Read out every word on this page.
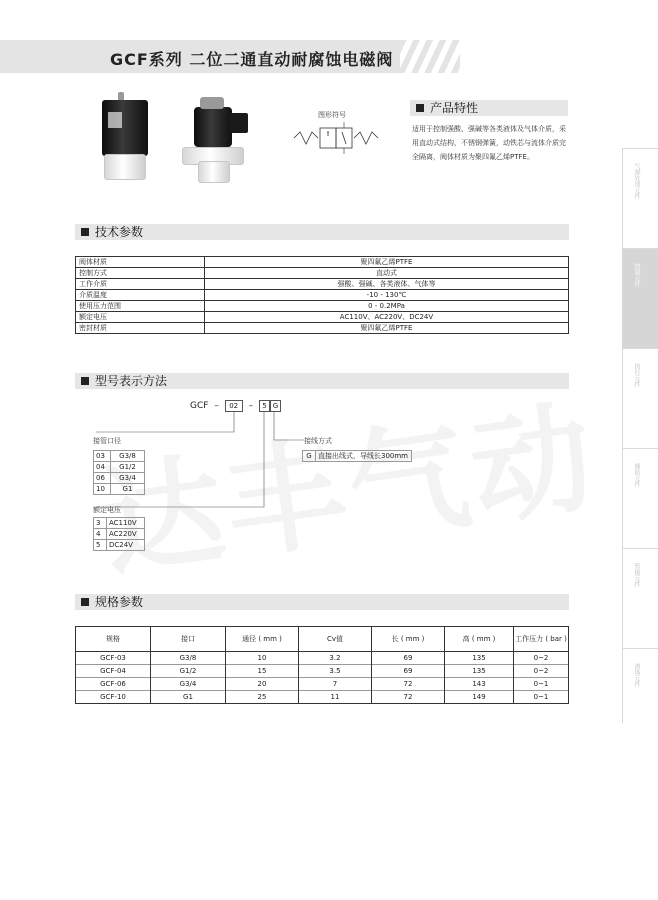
GCF系列 二位二通直动耐腐蚀电磁阀
图形符号	产品特性
适用于控制强酸、强碱等各类液体及气体介质，采用直动式结构，不锈钢弹簧，动铁芯与流体介质完全隔离，阀体材质为聚四氟乙烯PTFE。
技术参数
阀体材质	聚四氟乙烯PTFE
控制方式	直动式
工作介质	强酸、强碱、各类液体、气体等
介质温度	-10 - 130℃
使用压力范围	0 - 0.2MPa
额定电压	AC110V、AC220V、DC24V
密封材质	聚四氟乙烯PTFE
型号表示方法
GCF – 02 – 5 G
接管口径
03	G3/8
04	G1/2
06	G3/4
10	G1
额定电压
3	AC110V
4	AC220V
5	DC24V
接线方式
G	直接出线式，导线长300mm
规格参数
规格	接口	通径 ( mm )	Cv值	长 ( mm )	高 ( mm )	工作压力 ( bar )
GCF-03	G3/8	10	3.2	69	135	0~2
GCF-04	G1/2	15	3.5	69	135	0~2
GCF-06	G3/4	20	7	72	143	0~1
GCF-10	G1	25	11	72	149	0~1
气源处理元件
控制元件
执行元件
辅助元件
管接元件
流体元件
